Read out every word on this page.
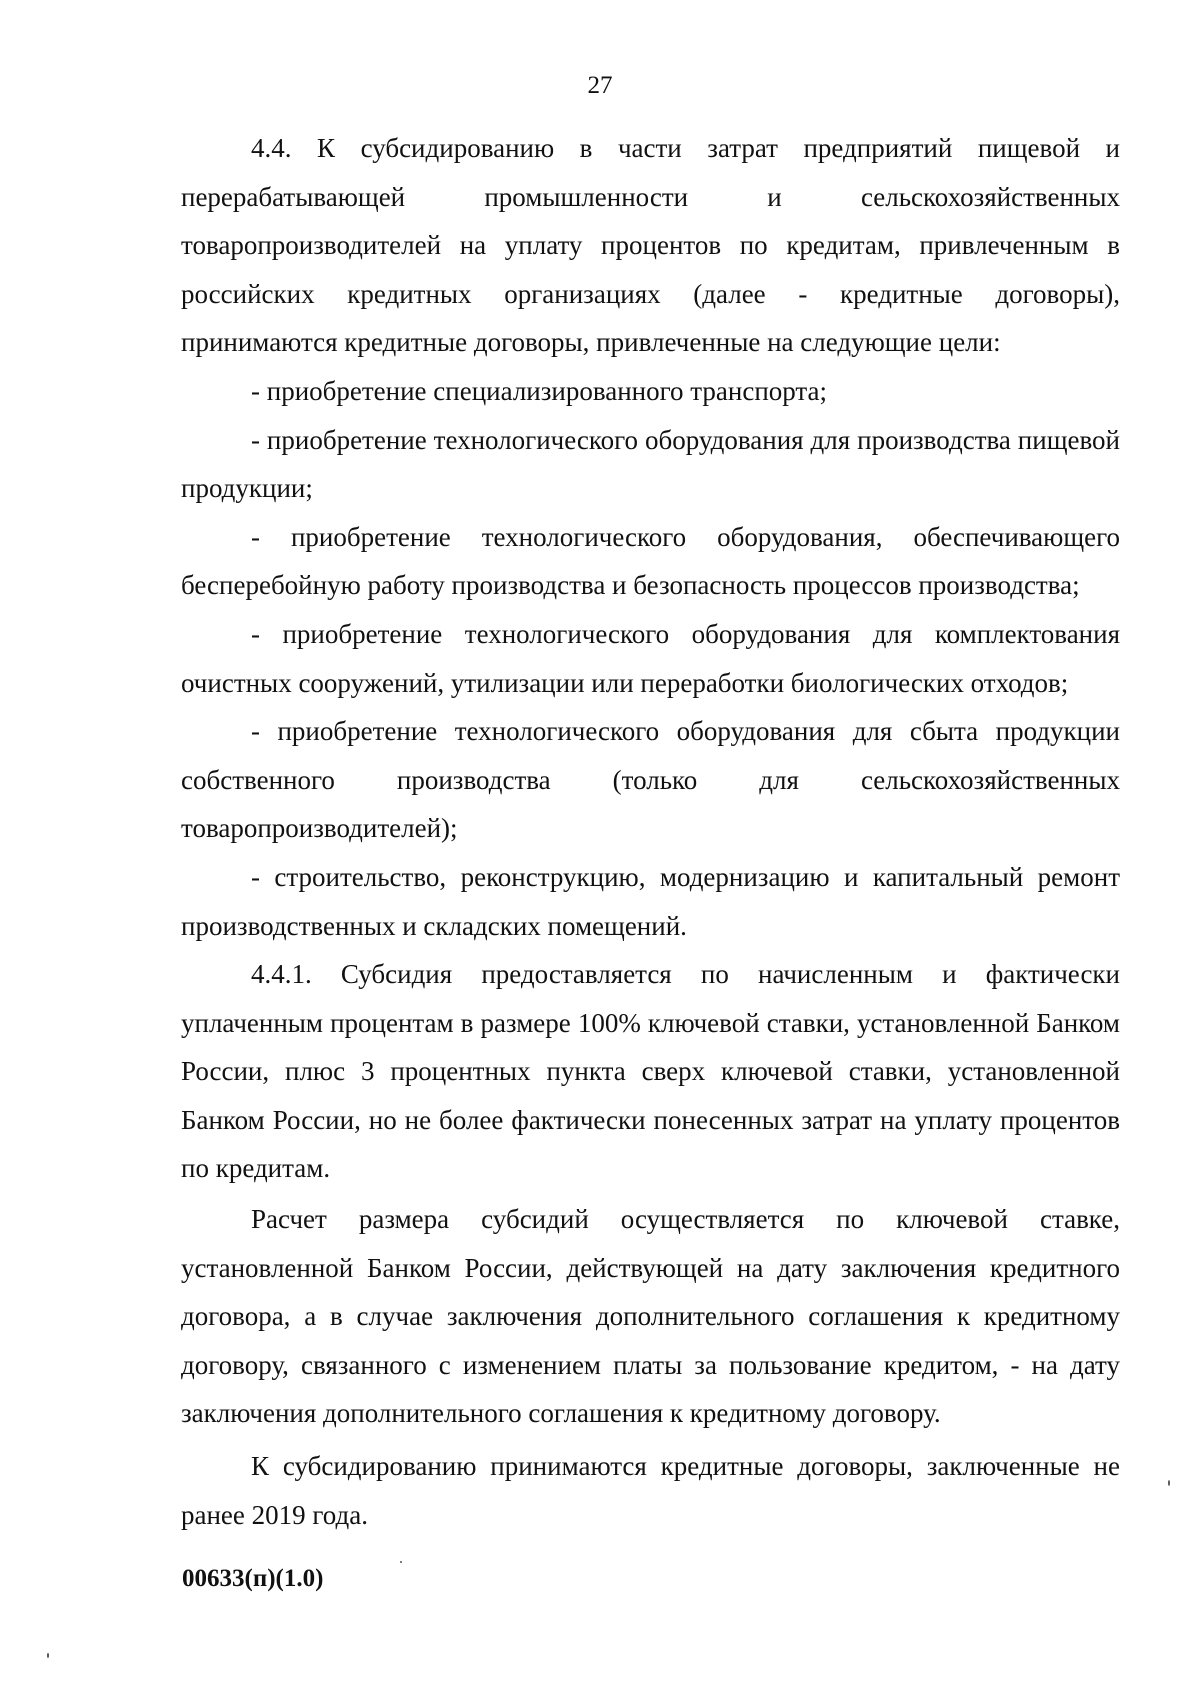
27

4.4. К субсидированию в части затрат предприятий пищевой и перерабатывающей промышленности и сельскохозяйственных товаропроизводителей на уплату процентов по кредитам, привлеченным в российских кредитных организациях (далее - кредитные договоры), принимаются кредитные договоры, привлеченные на следующие цели:

- приобретение специализированного транспорта;

- приобретение технологического оборудования для производства пищевой продукции;

- приобретение технологического оборудования, обеспечивающего бесперебойную работу производства и безопасность процессов производства;

- приобретение технологического оборудования для комплектования очистных сооружений, утилизации или переработки биологических отходов;

- приобретение технологического оборудования для сбыта продукции собственного производства (только для сельскохозяйственных товаропроизводителей);

- строительство, реконструкцию, модернизацию и капитальный ремонт производственных и складских помещений.

4.4.1. Субсидия предоставляется по начисленным и фактически уплаченным процентам в размере 100% ключевой ставки, установленной Банком России, плюс 3 процентных пункта сверх ключевой ставки, установленной Банком России, но не более фактически понесенных затрат на уплату процентов по кредитам.

Расчет размера субсидий осуществляется по ключевой ставке, установленной Банком России, действующей на дату заключения кредитного договора, а в случае заключения дополнительного соглашения к кредитному договору, связанного с изменением платы за пользование кредитом, - на дату заключения дополнительного соглашения к кредитному договору.

К субсидированию принимаются кредитные договоры, заключенные не ранее 2019 года.

00633(п)(1.0)
